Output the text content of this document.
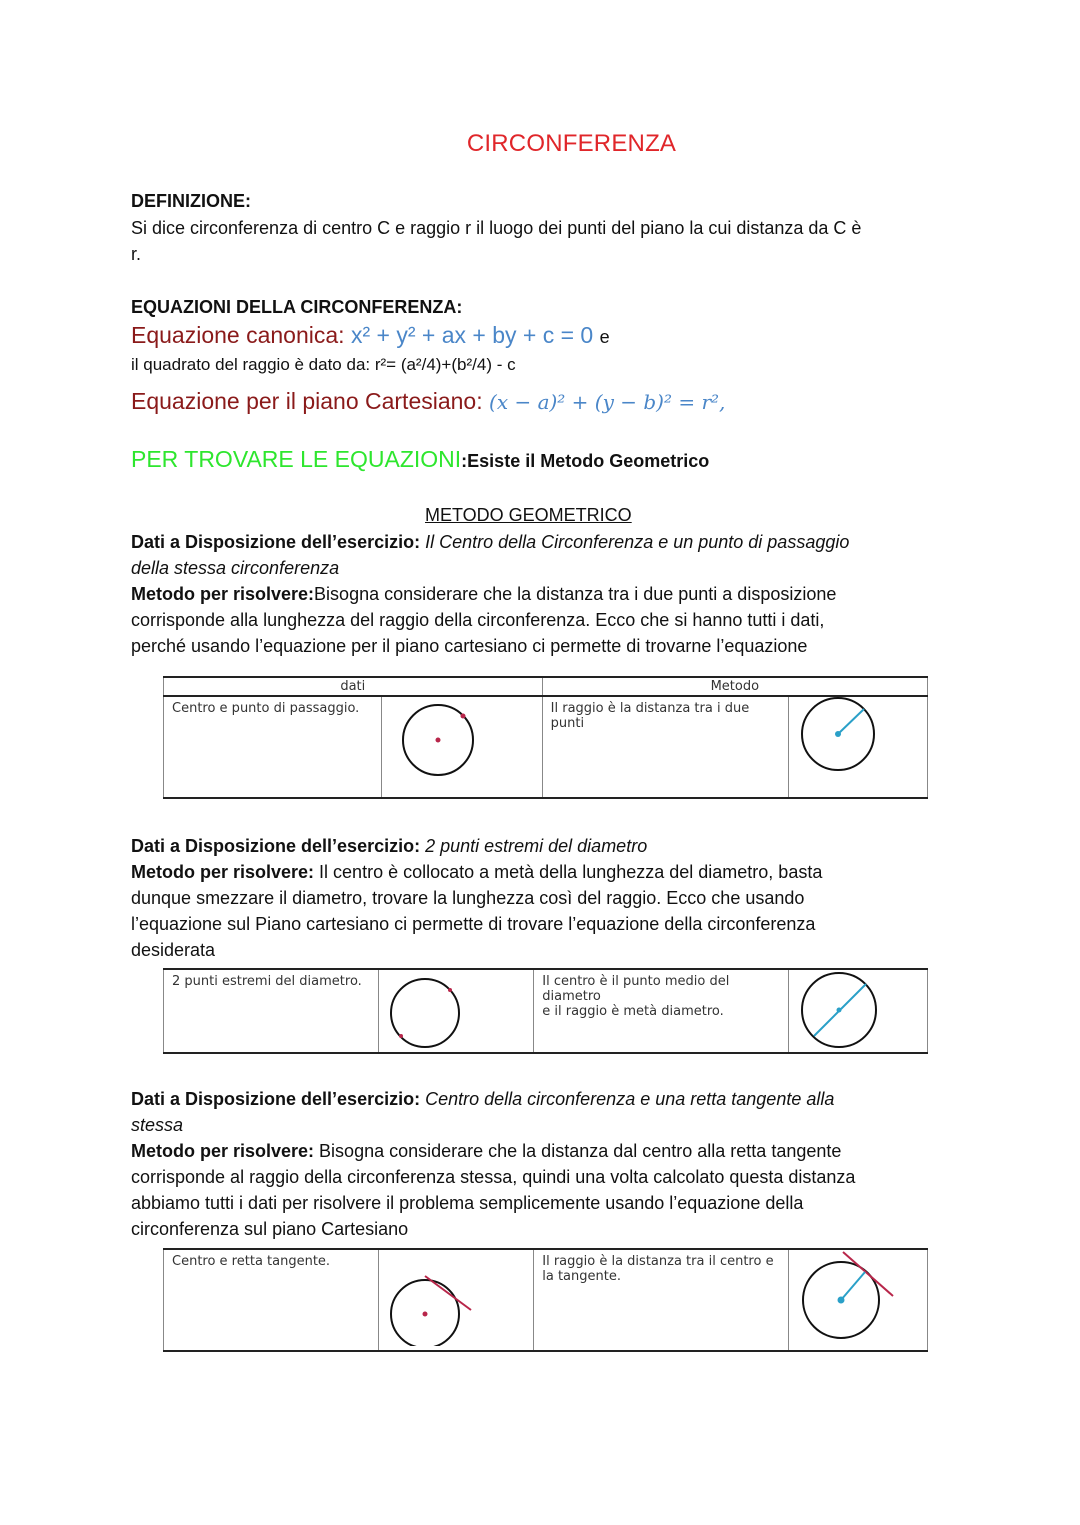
CIRCONFERENZA
DEFINIZIONE:
Si dice circonferenza di centro C e raggio r il luogo dei punti del piano la cui distanza da C è
r.
EQUAZIONI DELLA CIRCONFERENZA:
Equazione canonica: x² + y² + ax + by + c = 0 e
il quadrato del raggio è dato da: r²= (a²/4)+(b²/4) - c
Equazione per il piano Cartesiano: (x − a)² + (y − b)² = r²,
PER TROVARE LE EQUAZIONI:Esiste il Metodo Geometrico
METODO GEOMETRICO
Dati a Disposizione dell’esercizio: Il Centro della Circonferenza e un punto di passaggio
della stessa circonferenza
Metodo per risolvere:Bisogna considerare che la distanza tra i due punti a disposizione
corrisponde alla lunghezza del raggio della circonferenza. Ecco che si hanno tutti i dati,
perché usando l’equazione per il piano cartesiano ci permette di trovarne l’equazione
dati		Metodo	
Centro e punto di passaggio.		Il raggio è la distanza tra i due punti	
Dati a Disposizione dell’esercizio: 2 punti estremi del diametro
Metodo per risolvere: Il centro è collocato a metà della lunghezza del diametro, basta
dunque smezzare il diametro, trovare la lunghezza così del raggio. Ecco che usando
l’equazione sul Piano cartesiano ci permette di trovare l’equazione della circonferenza
desiderata
2 punti estremi del diametro.		Il centro è il punto medio del
diametro
e il raggio è metà diametro.

Dati a Disposizione dell’esercizio: Centro della circonferenza e una retta tangente alla
stessa
Metodo per risolvere: Bisogna considerare che la distanza dal centro alla retta tangente
corrisponde al raggio della circonferenza stessa, quindi una volta calcolato questa distanza
abbiamo tutti i dati per risolvere il problema semplicemente usando l’equazione della
circonferenza sul piano Cartesiano
Centro e retta tangente.		Il raggio è la distanza tra il centro e la tangente.	
